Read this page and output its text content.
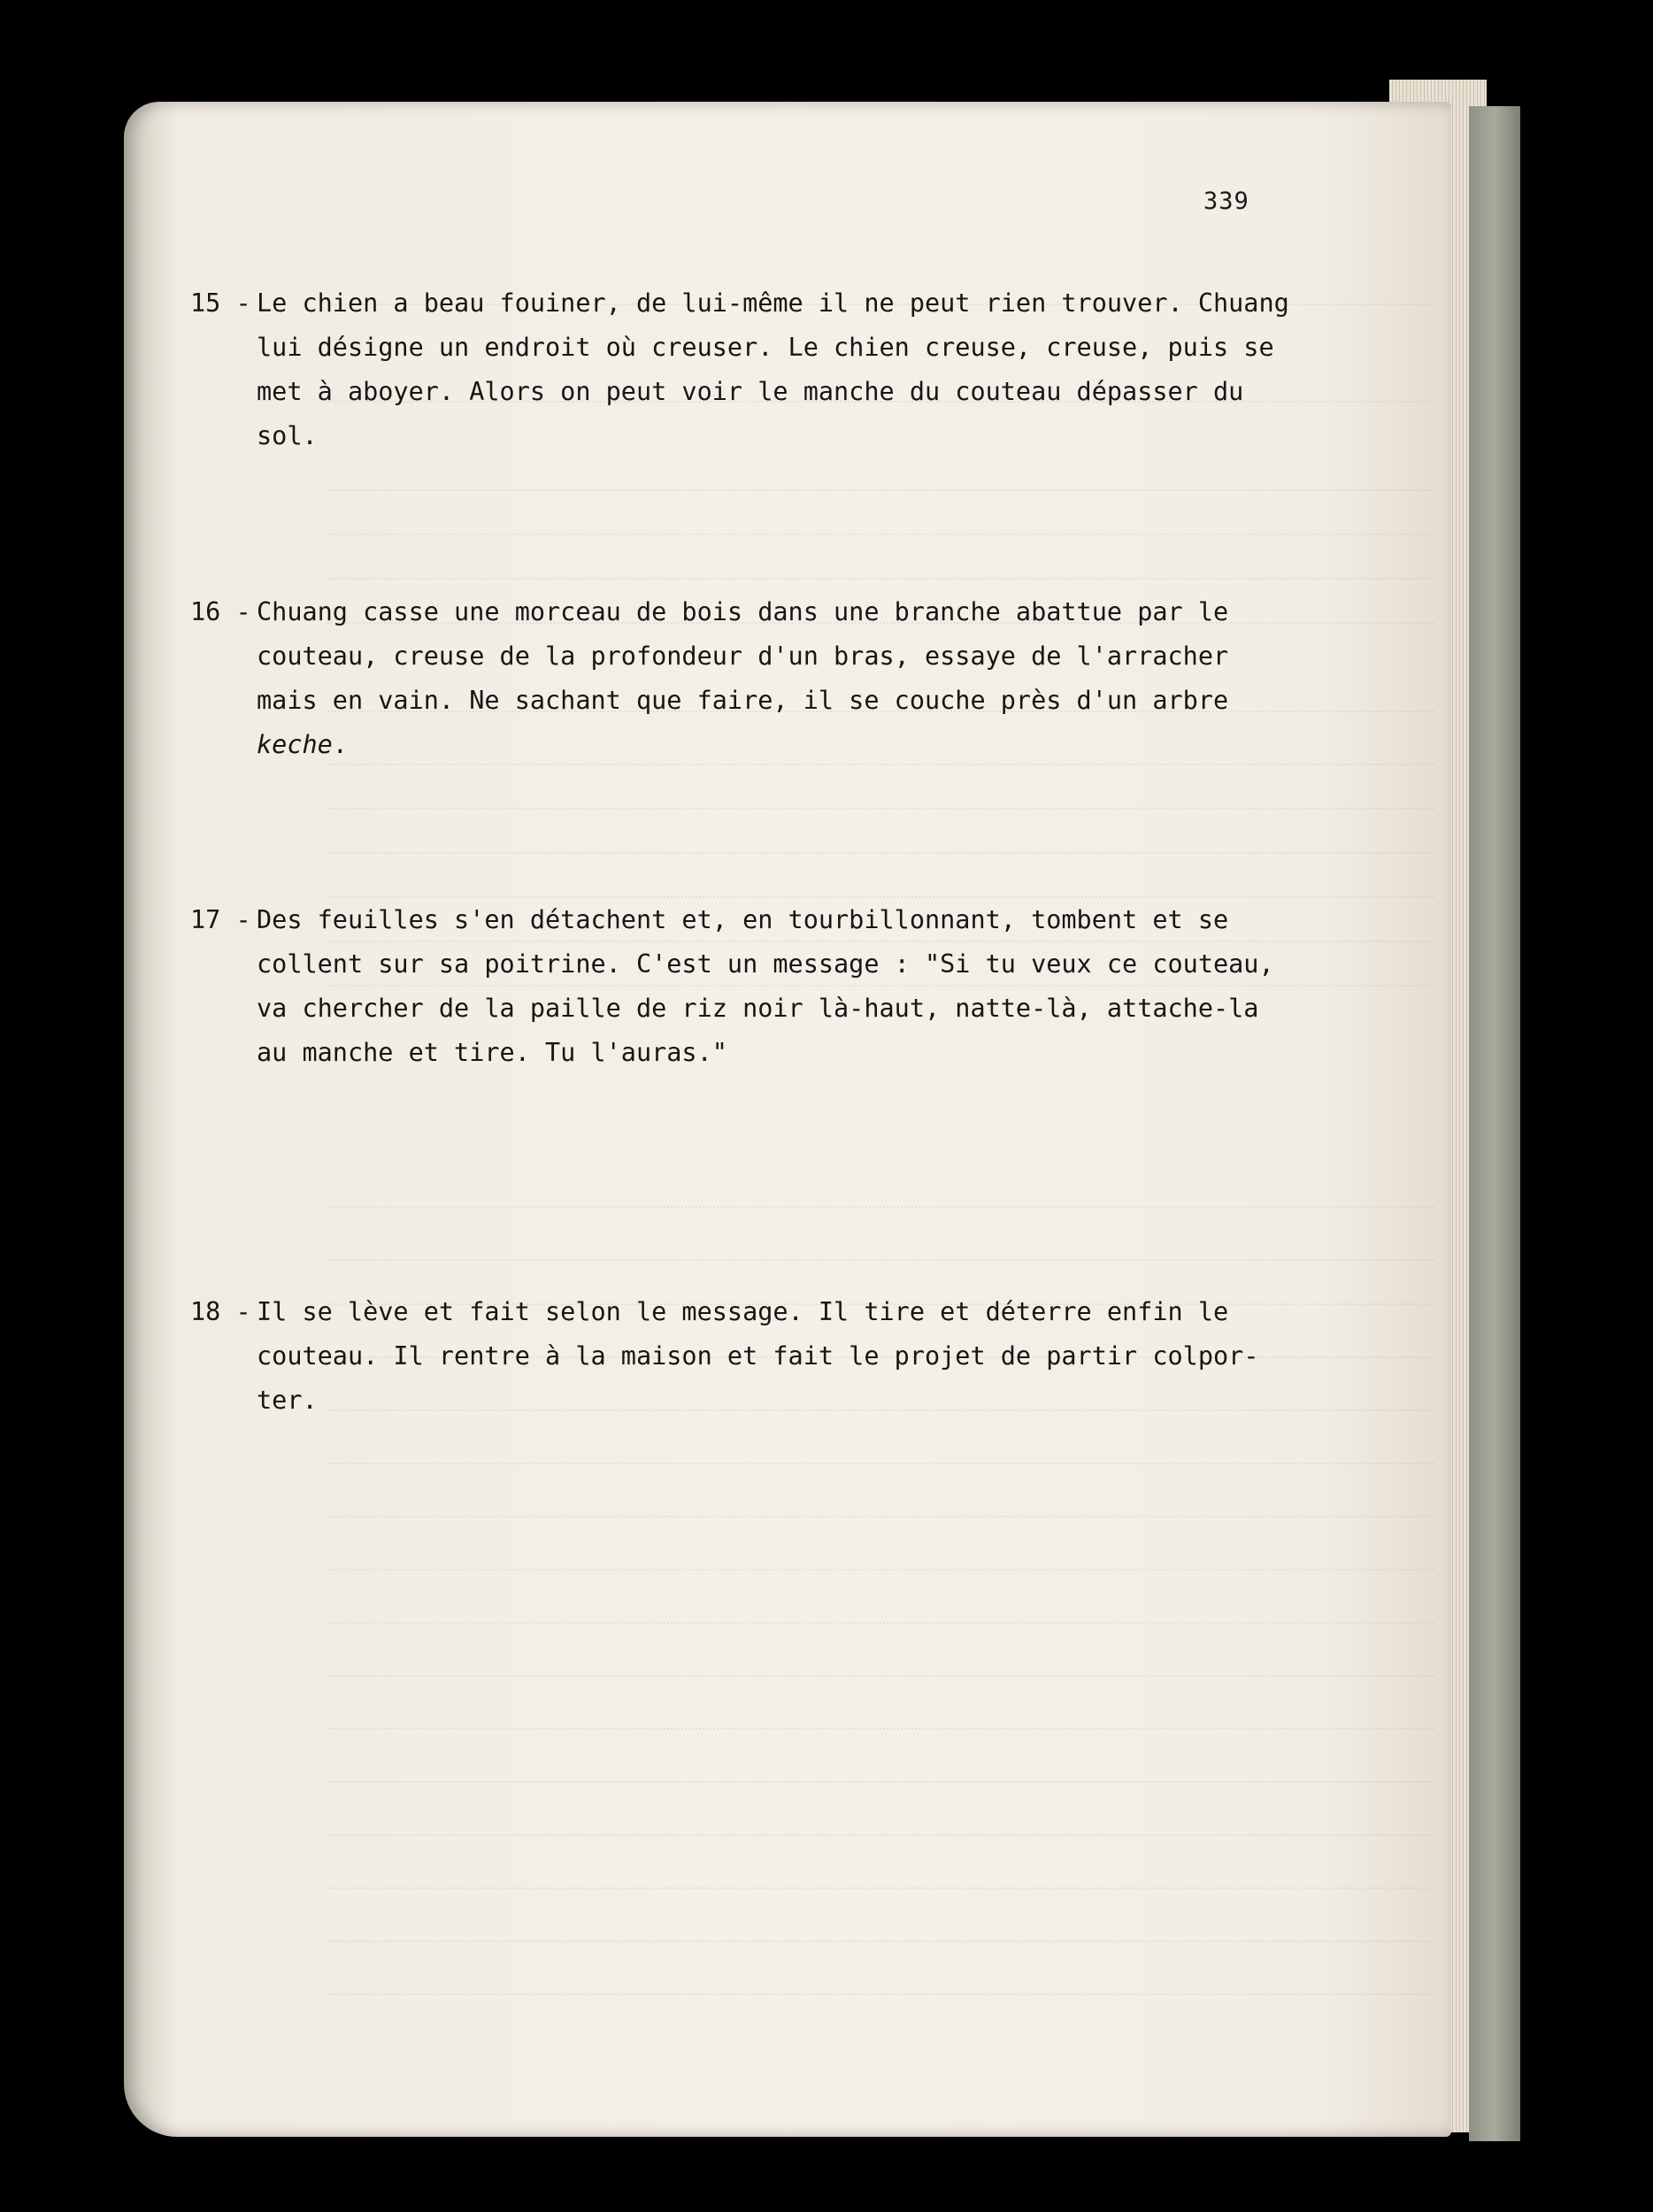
339
15 - Le chien a beau fouiner, de lui-même il ne peut rien trouver. Chuang
lui désigne un endroit où creuser. Le chien creuse, creuse, puis se
met à aboyer. Alors on peut voir le manche du couteau dépasser du
sol.
16 - Chuang casse une morceau de bois dans une branche abattue par le
couteau, creuse de la profondeur d'un bras, essaye de l'arracher
mais en vain. Ne sachant que faire, il se couche près d'un arbre
keche.
17 - Des feuilles s'en détachent et, en tourbillonnant, tombent et se
collent sur sa poitrine. C'est un message : "Si tu veux ce couteau,
va chercher de la paille de riz noir là-haut, natte-là, attache-la
au manche et tire. Tu l'auras."
18 - Il se lève et fait selon le message. Il tire et déterre enfin le
couteau. Il rentre à la maison et fait le projet de partir colpor-
ter.
